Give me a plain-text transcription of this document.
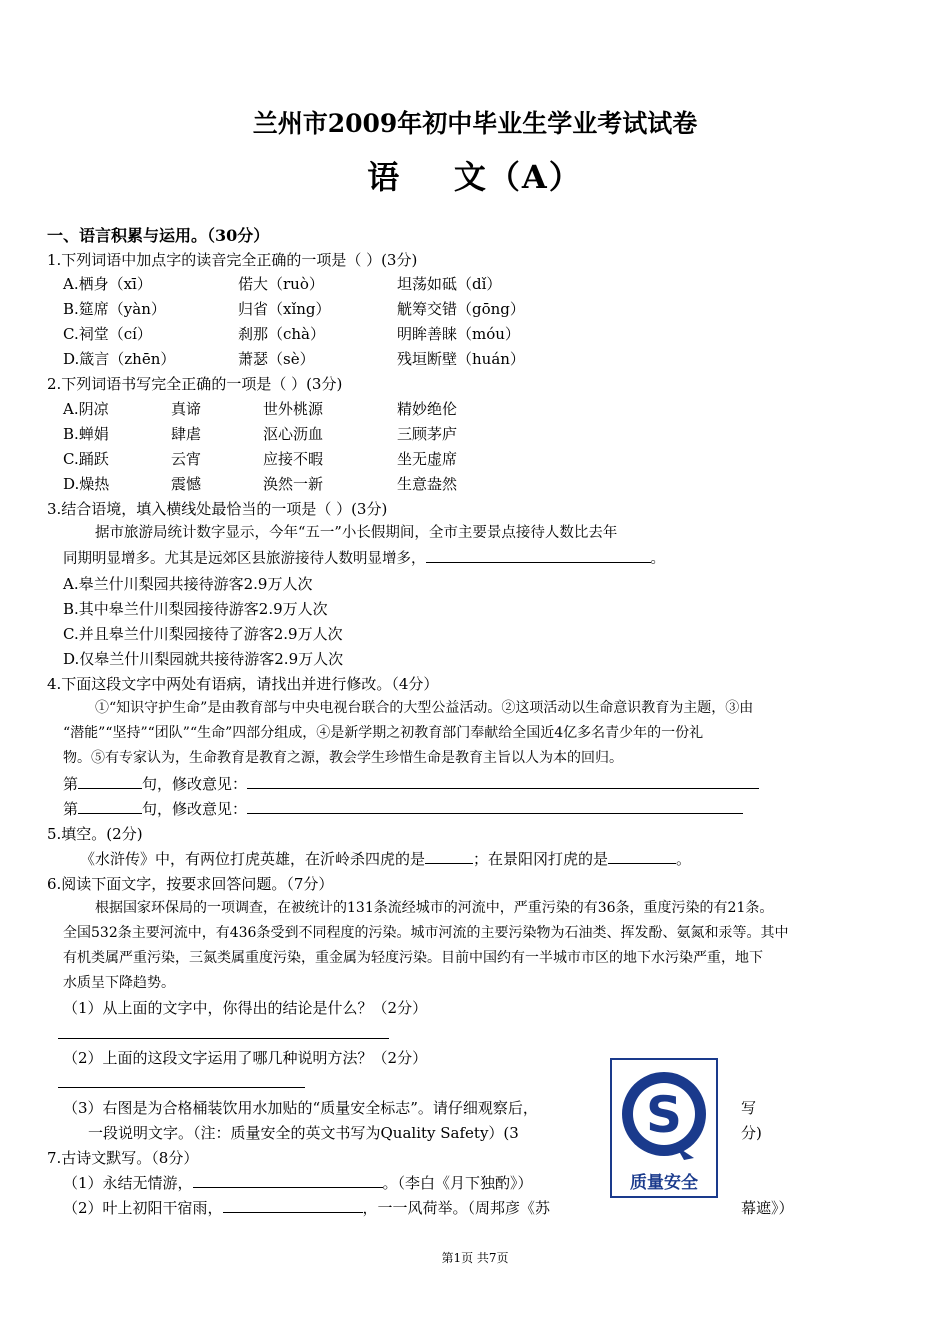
兰州市2009年初中毕业生学业考试试卷
语    文（A）
一、语言积累与运用。（30分）
1.下列词语中加点字的读音完全正确的一项是（ ）(3分)
A.栖身（xī）	偌大（ruò）	坦荡如砥（dǐ）
B.筵席（yàn）	归省（xǐng）	觥筹交错（gōng）
C.祠堂（cí）	刹那（chà）	明眸善睐（móu）
D.箴言（zhēn）	萧瑟（sè）	残垣断壁（huán）
2.下列词语书写完全正确的一项是（ ）(3分)
A.阴凉	真谛	世外桃源	精妙绝伦
B.蝉娟	肆虐	沤心沥血	三顾茅庐
C.踊跃	云宵	应接不暇	坐无虚席
D.燥热	震憾	涣然一新	生意盎然
3.结合语境，填入横线处最恰当的一项是（ ）(3分)
据市旅游局统计数字显示，今年“五一”小长假期间，全市主要景点接待人数比去年
同期明显增多。尤其是远郊区县旅游接待人数明显增多，	。
A.皋兰什川梨园共接待游客2.9万人次
B.其中皋兰什川梨园接待游客2.9万人次
C.并且皋兰什川梨园接待了游客2.9万人次
D.仅皋兰什川梨园就共接待游客2.9万人次
4.下面这段文字中两处有语病，请找出并进行修改。（4分）
①“知识守护生命”是由教育部与中央电视台联合的大型公益活动。②这项活动以生命意识教育为主题，③由
“潜能”“坚持”“团队”“生命”四部分组成，④是新学期之初教育部门奉献给全国近4亿多名青少年的一份礼
物。⑤有专家认为，生命教育是教育之源，教会学生珍惜生命是教育主旨以人为本的回归。
第	句，修改意见：
第	句，修改意见：
5.填空。(2分)
《水浒传》中，有两位打虎英雄，在沂岭杀四虎的是	；在景阳冈打虎的是	。
6.阅读下面文字，按要求回答问题。（7分）
根据国家环保局的一项调查，在被统计的131条流经城市的河流中，严重污染的有36条，重度污染的有21条。
全国532条主要河流中，有436条受到不同程度的污染。城市河流的主要污染物为石油类、挥发酚、氨氮和汞等。其中
有机类属严重污染，三氮类属重度污染，重金属为轻度污染。目前中国约有一半城市市区的地下水污染严重，地下
水质呈下降趋势。
（1）从上面的文字中，你得出的结论是什么？（2分）
（2）上面的这段文字运用了哪几种说明方法？（2分）
（3）右图是为合格桶装饮用水加贴的“质量安全标志”。请仔细观察后，	写
一段说明文字。（注：质量安全的英文书写为Quality Safety）(3	分)
7.古诗文默写。（8分）
（1）永结无情游，	。（李白《月下独酌》）
（2）叶上初阳干宿雨，	，一一风荷举。（周邦彦《苏	幕遮》）
S
质量安全
第1页 共7页
